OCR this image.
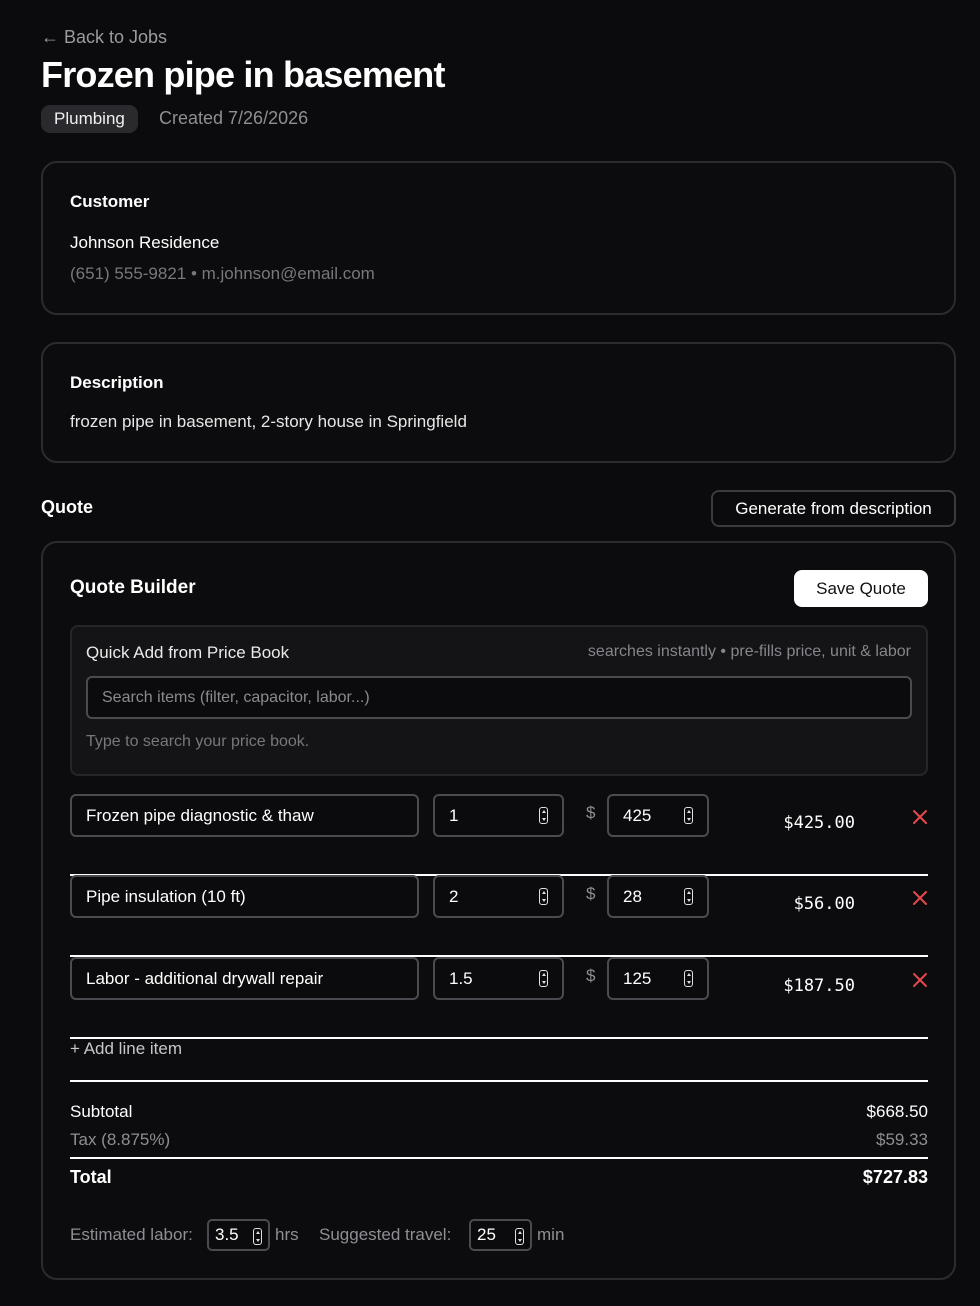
← Back to Jobs
Frozen pipe in basement
Plumbing	Created 7/26/2026
Customer
Johnson Residence
(651) 555-9821 • m.johnson@email.com
Description
frozen pipe in basement, 2-story house in Springfield
Quote	Generate from description
Quote Builder	Save Quote
Quick Add from Price Book	searches instantly • pre-fills price, unit & labor
Search items (filter, capacitor, labor...)
Type to search your price book.
Frozen pipe diagnostic & thaw	1	$ 425	$425.00
Pipe insulation (10 ft)	2	$ 28	$56.00
Labor - additional drywall repair	1.5	$ 125	$187.50
+ Add line item
Subtotal	$668.50
Tax (8.875%)	$59.33
Total	$727.83
Estimated labor: 3.5 hrs Suggested travel: 25 min
